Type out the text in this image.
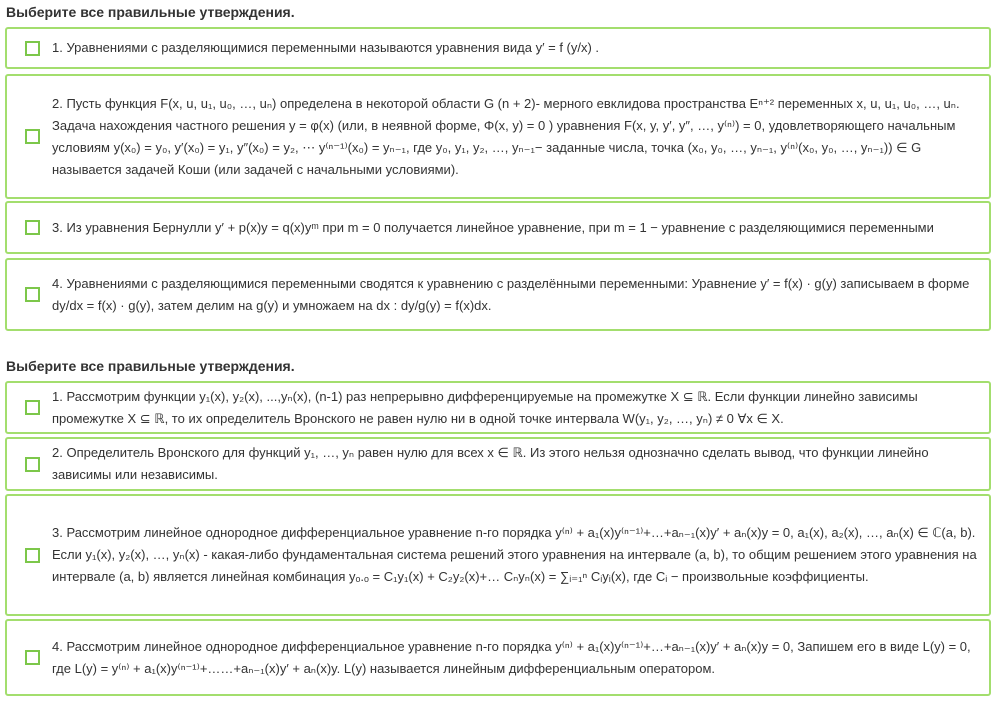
Выберите все правильные утверждения.
1. Уравнениями с разделяющимися переменными называются уравнения вида y′ = f (y/x) .
2. Пусть функция F(x, u, u₁, u₀, …, uₙ) определена в некоторой области G (n + 2)- мерного евклидова пространства Eⁿ⁺² переменных x, u, u₁, u₀, …, uₙ. Задача нахождения частного решения y = φ(x) (или, в неявной форме, Φ(x, y) = 0 ) уравнения F(x, y, y′, y″, …, y⁽ⁿ⁾) = 0, удовлетворяющего начальным условиям y(x₀) = y₀, y′(x₀) = y₁, y″(x₀) = y₂, ⋯ y⁽ⁿ⁻¹⁾(x₀) = yₙ₋₁, где y₀, y₁, y₂, …, yₙ₋₁− заданные числа, точка (x₀, y₀, …, yₙ₋₁, y⁽ⁿ⁾(x₀, y₀, …, yₙ₋₁)) ∈ G называется задачей Коши (или задачей с начальными условиями).
3. Из уравнения Бернулли y′ + p(x)y = q(x)yᵐ при m = 0 получается линейное уравнение, при m = 1 − уравнение с разделяющимися переменными
4. Уравнениями с разделяющимися переменными сводятся к уравнению с разделёнными переменными: Уравнение y′ = f(x) · g(y) записываем в форме dy/dx = f(x) · g(y), затем делим на g(y) и умножаем на dx : dy/g(y) = f(x)dx.
Выберите все правильные утверждения.
1. Рассмотрим функции y₁(x), y₂(x), ...,yₙ(x), (n-1) раз непрерывно дифференцируемые на промежутке X ⊆ ℝ. Если функции линейно зависимы промежутке X ⊆ ℝ, то их определитель Вронского не равен нулю ни в одной точке интервала W(y₁, y₂, …, yₙ) ≠ 0 ∀x ∈ X.
2. Определитель Вронского для функций y₁, …, yₙ равен нулю для всех x ∈ ℝ. Из этого нельзя однозначно сделать вывод, что функции линейно зависимы или независимы.
3. Рассмотрим линейное однородное дифференциальное уравнение n-го порядка y⁽ⁿ⁾ + a₁(x)y⁽ⁿ⁻¹⁾+…+aₙ₋₁(x)y′ + aₙ(x)y = 0, a₁(x), a₂(x), …, aₙ(x) ∈ ℂ(a, b). Если y₁(x), y₂(x), …, yₙ(x) - какая-либо фундаментальная система решений этого уравнения на интервале (a, b), то общим решением этого уравнения на интервале (a, b) является линейная комбинация yₒ.ₒ = C₁y₁(x) + C₂y₂(x)+… Cₙyₙ(x) = ∑ᵢ₌₁ⁿ Cᵢyᵢ(x), где Cᵢ − произвольные коэффициенты.
4. Рассмотрим линейное однородное дифференциальное уравнение n-го порядка y⁽ⁿ⁾ + a₁(x)y⁽ⁿ⁻¹⁾+…+aₙ₋₁(x)y′ + aₙ(x)y = 0, Запишем его в виде L(y) = 0, где L(y) = y⁽ⁿ⁾ + a₁(x)y⁽ⁿ⁻¹⁾+……+aₙ₋₁(x)y′ + aₙ(x)y. L(y) называется линейным дифференциальным оператором.
